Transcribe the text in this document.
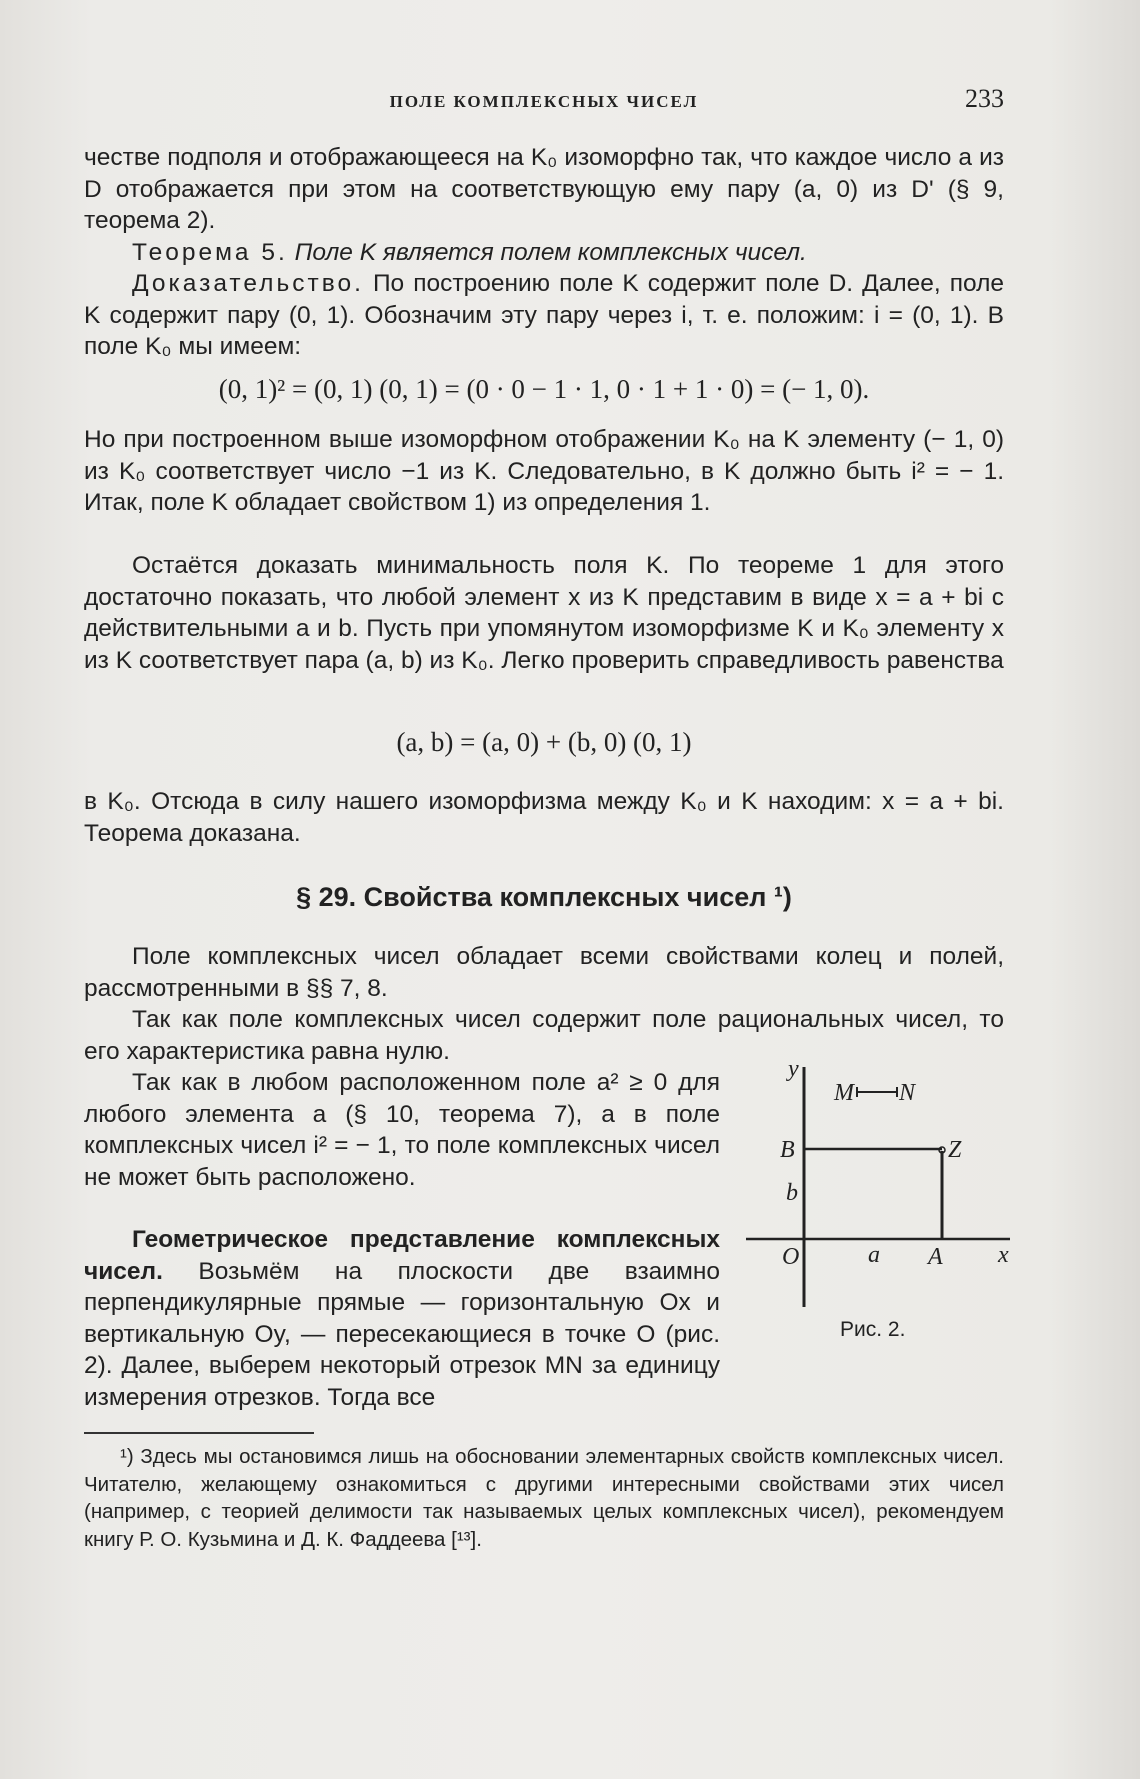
ПОЛЕ КОМПЛЕКСНЫХ ЧИСЕЛ	233

честве подполя и отображающееся на K₀ изоморфно так, что каждое число a из D отображается при этом на соответствующую ему пару (a, 0) из D' (§ 9, теорема 2).

Теорема 5. Поле K является полем комплексных чисел.

Доказательство. По построению поле K содержит поле D. Далее, поле K содержит пару (0, 1). Обозначим эту пару через i, т. е. положим: i = (0, 1). В поле K₀ мы имеем:

(0, 1)² = (0, 1) (0, 1) = (0 · 0 − 1 · 1, 0 · 1 + 1 · 0) = (− 1, 0).

Но при построенном выше изоморфном отображении K₀ на K элементу (− 1, 0) из K₀ соответствует число −1 из K. Следовательно, в K должно быть i² = − 1. Итак, поле K обладает свойством 1) из определения 1.

Остаётся доказать минимальность поля K. По теореме 1 для этого достаточно показать, что любой элемент x из K представим в виде x = a + bi с действительными a и b. Пусть при упомянутом изоморфизме K и K₀ элементу x из K соответствует пара (a, b) из K₀. Легко проверить справедливость равенства

(a, b) = (a, 0) + (b, 0) (0, 1)

в K₀. Отсюда в силу нашего изоморфизма между K₀ и K находим: x = a + bi. Теорема доказана.

§ 29. Свойства комплексных чисел ¹)

Поле комплексных чисел обладает всеми свойствами колец и полей, рассмотренными в §§ 7, 8.

Так как поле комплексных чисел содержит поле рациональных чисел, то его характеристика равна нулю.

Так как в любом расположенном поле a² ≥ 0 для любого элемента a (§ 10, теорема 7), а в поле комплексных чисел i² = − 1, то поле комплексных чисел не может быть расположено.

Геометрическое представление комплексных чисел. Возьмём на плоскости две взаимно перпендикулярные прямые — горизонтальную Ox и вертикальную Oy, — пересекающиеся в точке O (рис. 2). Далее, выберем некоторый отрезок MN за единицу измерения отрезков. Тогда все

y
M N
B	Z
b
O	a A x
Рис. 2.

¹) Здесь мы остановимся лишь на обосновании элементарных свойств комплексных чисел. Читателю, желающему ознакомиться с другими интересными свойствами этих чисел (например, с теорией делимости так называемых целых комплексных чисел), рекомендуем книгу Р. О. Кузьмина и Д. К. Фаддеева [¹³].
